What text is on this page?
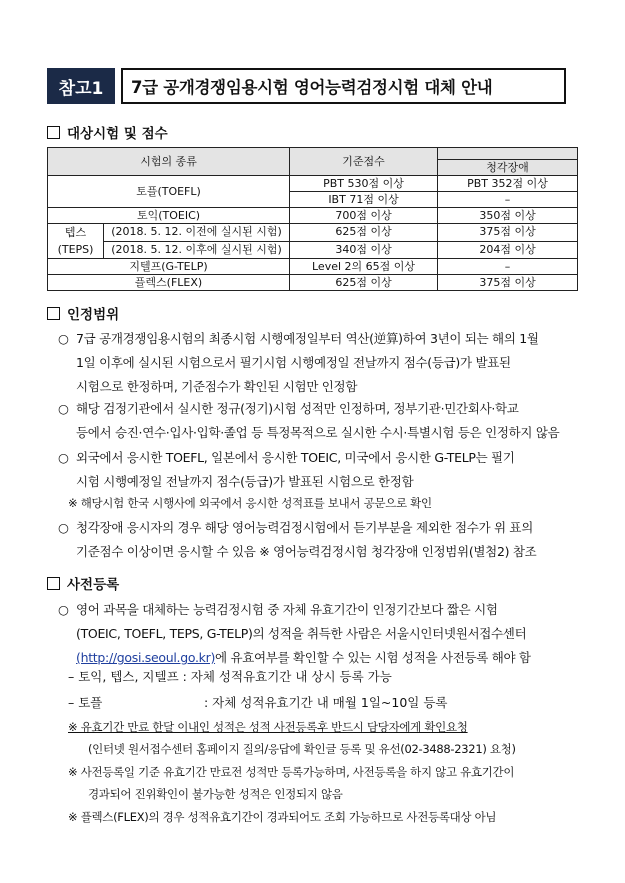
참고1	7급 공개경쟁임용시험 영어능력검정시험 대체 안내
대상시험 및 점수
시험의 종류		기준점수	
			청각장애
토플(TOEFL)		PBT 530점 이상	PBT 352점 이상
		IBT 71점 이상	–
토익(TOEIC)		700점 이상	350점 이상
텝스
(TEPS)	(2018. 5. 12. 이전에 실시된 시험)	625점 이상	375점 이상
	(2018. 5. 12. 이후에 실시된 시험)	340점 이상	204점 이상
지텔프(G-TELP)		Level 2의 65점 이상	–
플렉스(FLEX)		625점 이상	375점 이상
인정범위
○ 7급 공개경쟁임용시험의 최종시험 시행예정일부터 역산(逆算)하여 3년이 되는 해의 1월
1일 이후에 실시된 시험으로서 필기시험 시행예정일 전날까지 점수(등급)가 발표된
시험으로 한정하며, 기준점수가 확인된 시험만 인정함
○ 해당 검정기관에서 실시한 정규(정기)시험 성적만 인정하며, 정부기관·민간회사·학교
등에서 승진·연수·입사·입학·졸업 등 특정목적으로 실시한 수시·특별시험 등은 인정하지 않음
○ 외국에서 응시한 TOEFL, 일본에서 응시한 TOEIC, 미국에서 응시한 G-TELP는 필기
시험 시행예정일 전날까지 점수(등급)가 발표된 시험으로 한정함
※ 해당시험 한국 시행사에 외국에서 응시한 성적표를 보내서 공문으로 확인
○ 청각장애 응시자의 경우 해당 영어능력검정시험에서 듣기부분을 제외한 점수가 위 표의
기준점수 이상이면 응시할 수 있음 ※ 영어능력검정시험 청각장애 인정범위(별첨2) 참조
사전등록
○ 영어 과목을 대체하는 능력검정시험 중 자체 유효기간이 인정기간보다 짧은 시험
(TOEIC, TOEFL, TEPS, G-TELP)의 성적을 취득한 사람은 서울시인터넷원서접수센터
(http://gosi.seoul.go.kr)에 유효여부를 확인할 수 있는 시험 성적을 사전등록 해야 함
– 토익, 텝스, 지텔프 : 자체 성적유효기간 내 상시 등록 가능
– 토플	: 자체 성적유효기간 내 매월 1일~10일 등록
※ 유효기간 만료 한달 이내인 성적은 성적 사전등록후 반드시 담당자에게 확인요청
(인터넷 원서접수센터 홈페이지 질의/응답에 확인글 등록 및 유선(02-3488-2321) 요청)
※ 사전등록일 기준 유효기간 만료전 성적만 등록가능하며, 사전등록을 하지 않고 유효기간이
경과되어 진위확인이 불가능한 성적은 인정되지 않음
※ 플렉스(FLEX)의 경우 성적유효기간이 경과되어도 조회 가능하므로 사전등록대상 아님
